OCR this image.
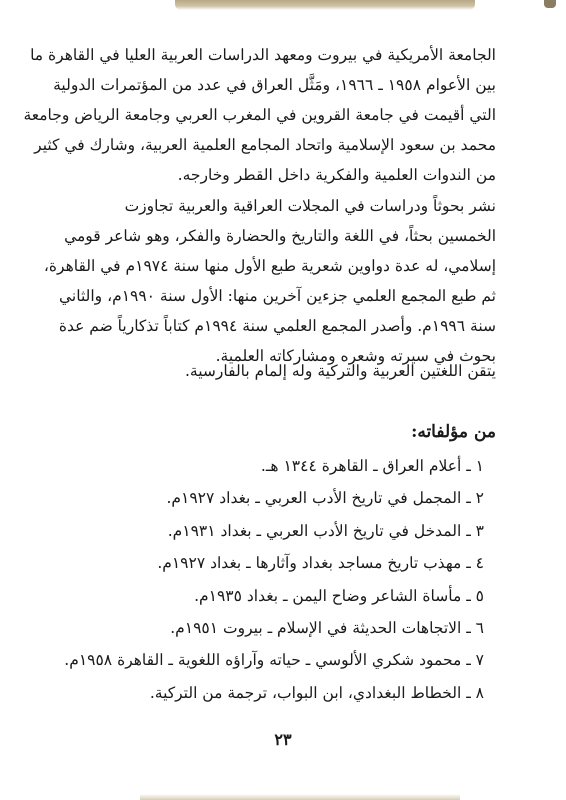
الجامعة الأمريكية في بيروت ومعهد الدراسات العربية العليا في القاهرة ما
بين الأعوام ١٩٥٨ ـ ١٩٦٦، ومَثَّل العراق في عدد من المؤتمرات الدولية
التي أقيمت في جامعة القروين في المغرب العربي وجامعة الرياض وجامعة
محمد بن سعود الإسلامية واتحاد المجامع العلمية العربية، وشارك في كثير
من الندوات العلمية والفكرية داخل القطر وخارجه.
نشر بحوثاً ودراسات في المجلات العراقية والعربية تجاوزت
الخمسين بحثاً، في اللغة والتاريخ والحضارة والفكر، وهو شاعر قومي
إسلامي، له عدة دواوين شعرية طبع الأول منها سنة ١٩٧٤م في القاهرة،
ثم طبع المجمع العلمي جزءين آخرين منها: الأول سنة ١٩٩٠م، والثاني
سنة ١٩٩٦م. وأصدر المجمع العلمي سنة ١٩٩٤م كتاباً تذكارياً ضم عدة
بحوث في سيرته وشعره ومشاركاته العلمية.
يتقن اللغتين العربية والتركية وله إلمام بالفارسية.
من مؤلفاته:
١ ـ أعلام العراق ـ القاهرة ١٣٤٤ هـ.
٢ ـ المجمل في تاريخ الأدب العربي ـ بغداد ١٩٢٧م.
٣ ـ المدخل في تاريخ الأدب العربي ـ بغداد ١٩٣١م.
٤ ـ مهذب تاريخ مساجد بغداد وآثارها ـ بغداد ١٩٢٧م.
٥ ـ مأساة الشاعر وضاح اليمن ـ بغداد ١٩٣٥م.
٦ ـ الاتجاهات الحديثة في الإسلام ـ بيروت ١٩٥١م.
٧ ـ محمود شكري الألوسي ـ حياته وآراؤه اللغوية ـ القاهرة ١٩٥٨م.
٨ ـ الخطاط البغدادي، ابن البواب، ترجمة من التركية.
٢٣
